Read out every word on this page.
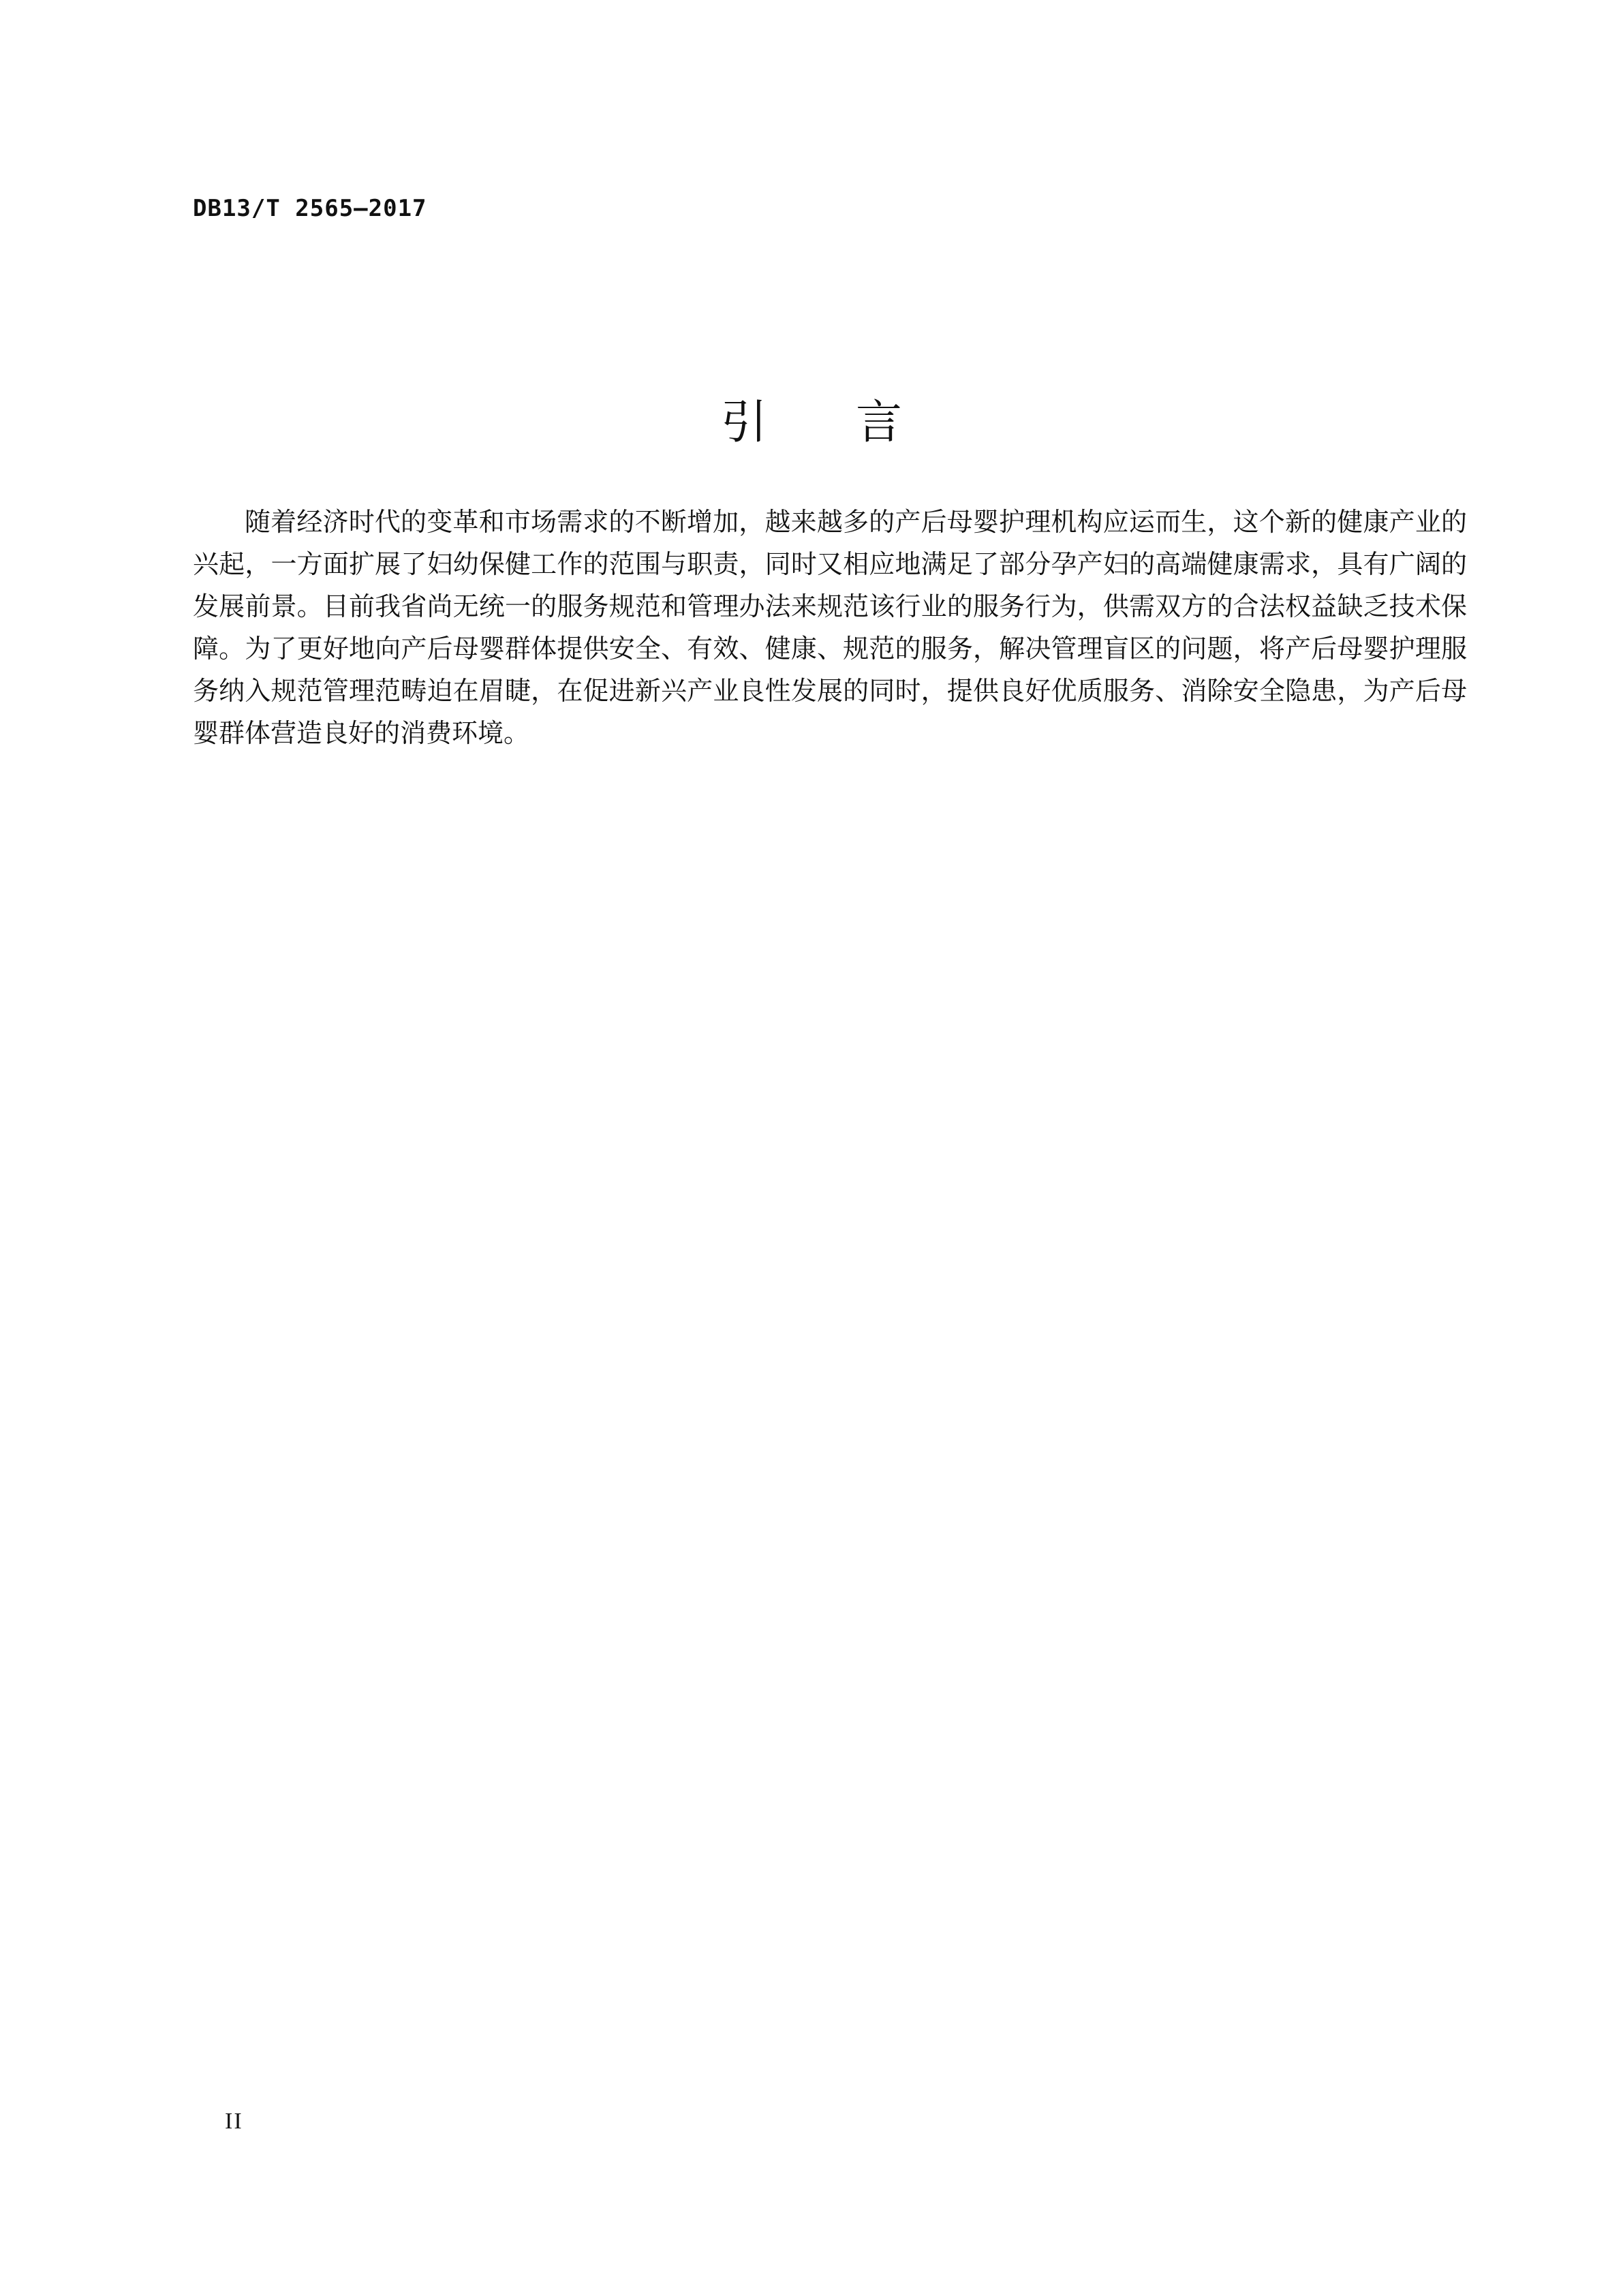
DB13/T 2565—2017
引言

随着经济时代的变革和市场需求的不断增加，越来越多的产后母婴护理机构应运而生，这个新的健康产业的兴起，一方面扩展了妇幼保健工作的范围与职责，同时又相应地满足了部分孕产妇的高端健康需求，具有广阔的发展前景。目前我省尚无统一的服务规范和管理办法来规范该行业的服务行为，供需双方的合法权益缺乏技术保障。为了更好地向产后母婴群体提供安全、有效、健康、规范的服务，解决管理盲区的问题，将产后母婴护理服务纳入规范管理范畴迫在眉睫，在促进新兴产业良性发展的同时，提供良好优质服务、消除安全隐患，为产后母婴群体营造良好的消费环境。

II
